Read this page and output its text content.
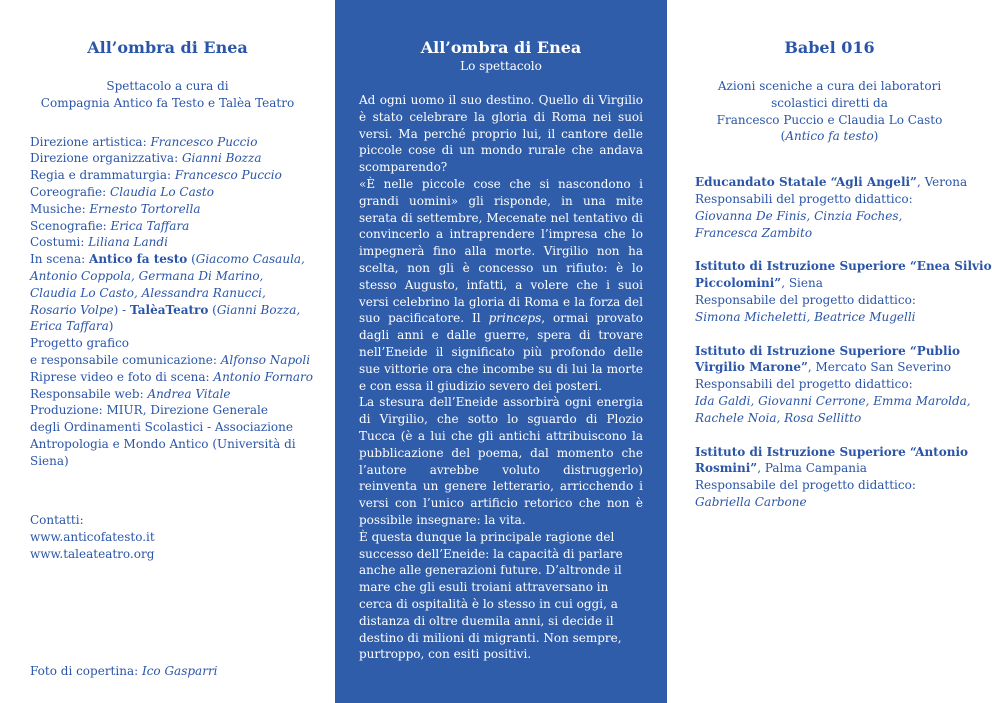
All’ombra di Enea
Spettacolo a cura di
Compagnia Antico fa Testo e Talèa Teatro
Direzione artistica: Francesco Puccio
Direzione organizzativa: Gianni Bozza
Regia e drammaturgia: Francesco Puccio
Coreografie: Claudia Lo Casto
Musiche: Ernesto Tortorella
Scenografie: Erica Taffara
Costumi: Liliana Landi
In scena: Antico fa testo (Giacomo Casaula,
Antonio Coppola, Germana Di Marino,
Claudia Lo Casto, Alessandra Ranucci,
Rosario Volpe) - TalèaTeatro (Gianni Bozza,
Erica Taffara)
Progetto grafico
e responsabile comunicazione: Alfonso Napoli
Riprese video e foto di scena: Antonio Fornaro
Responsabile web: Andrea Vitale
Produzione: MIUR, Direzione Generale
degli Ordinamenti Scolastici - Associazione
Antropologia e Mondo Antico (Università di
Siena)
Contatti:
www.anticofatesto.it
www.taleateatro.org
Foto di copertina: Ico Gasparri
All’ombra di Enea
Lo spettacolo

Ad ogni uomo il suo destino. Quello di Virgilio è stato celebrare la gloria di Roma nei suoi versi. Ma perché proprio lui, il cantore delle piccole cose di un mondo rurale che andava scomparendo?

«È nelle piccole cose che si nascondono i grandi uomini» gli risponde, in una mite serata di settembre, Mecenate nel tentativo di convincerlo a intraprendere l’impresa che lo impegnerà fino alla morte. Virgilio non ha scelta, non gli è concesso un rifiuto: è lo stesso Augusto, infatti, a volere che i suoi versi celebrino la gloria di Roma e la forza del suo pacificatore. Il princeps, ormai provato dagli anni e dalle guerre, spera di trovare nell’Eneide il significato più profondo delle sue vittorie ora che incombe su di lui la morte e con essa il giudizio severo dei posteri.

La stesura dell’Eneide assorbirà ogni energia di Virgilio, che sotto lo sguardo di Plozio Tucca (è a lui che gli antichi attribuiscono la pubblicazione del poema, dal momento che l’autore avrebbe voluto distruggerlo) reinventa un genere letterario, arricchendo i versi con l’unico artificio retorico che non è possibile insegnare: la vita.

È questa dunque la principale ragione del successo dell’Eneide: la capacità di parlare anche alle generazioni future. D’altronde il mare che gli esuli troiani attraversano in cerca di ospitalità è lo stesso in cui oggi, a distanza di oltre duemila anni, si decide il destino di milioni di migranti. Non sempre, purtroppo, con esiti positivi.

Babel 016
Azioni sceniche a cura dei laboratori
scolastici diretti da
Francesco Puccio e Claudia Lo Casto
(Antico fa testo)
Educandato Statale “Agli Angeli”, Verona
Responsabili del progetto didattico:
Giovanna De Finis, Cinzia Foches,
Francesca Zambito
Istituto di Istruzione Superiore “Enea Silvio
Piccolomini”, Siena
Responsabile del progetto didattico:
Simona Micheletti, Beatrice Mugelli
Istituto di Istruzione Superiore “Publio
Virgilio Marone”, Mercato San Severino
Responsabili del progetto didattico:
Ida Galdi, Giovanni Cerrone, Emma Marolda,
Rachele Noia, Rosa Sellitto
Istituto di Istruzione Superiore “Antonio
Rosmini”, Palma Campania
Responsabile del progetto didattico:
Gabriella Carbone
